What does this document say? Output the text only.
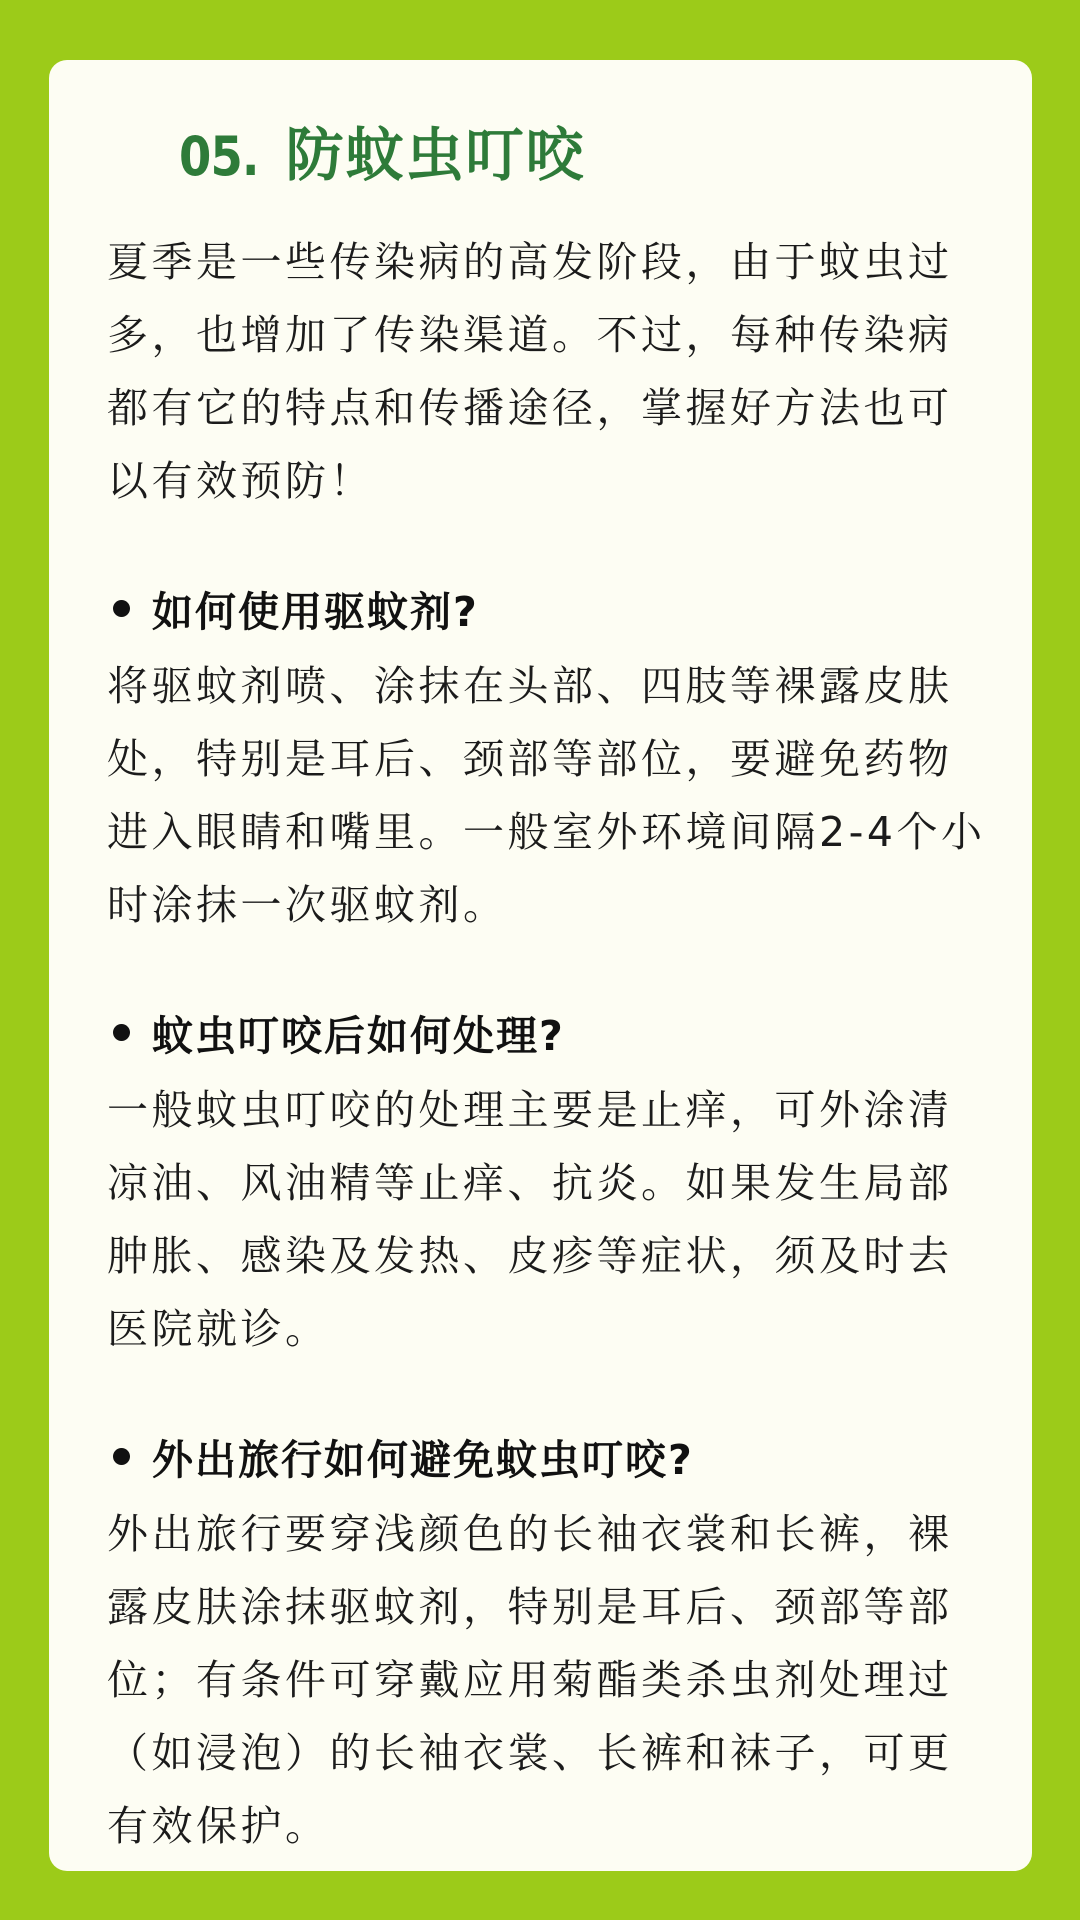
05. 防蚊虫叮咬

夏季是一些传染病的高发阶段，由于蚊虫过多，也增加了传染渠道。不过，每种传染病都有它的特点和传播途径，掌握好方法也可以有效预防！

如何使用驱蚊剂?

将驱蚊剂喷、涂抹在头部、四肢等裸露皮肤处，特别是耳后、颈部等部位，要避免药物进入眼睛和嘴里。一般室外环境间隔2-4个小时涂抹一次驱蚊剂。

蚊虫叮咬后如何处理?

一般蚊虫叮咬的处理主要是止痒，可外涂清凉油、风油精等止痒、抗炎。如果发生局部肿胀、感染及发热、皮疹等症状，须及时去医院就诊。

外出旅行如何避免蚊虫叮咬?

外出旅行要穿浅颜色的长袖衣裳和长裤，裸露皮肤涂抹驱蚊剂，特别是耳后、颈部等部位；有条件可穿戴应用菊酯类杀虫剂处理过（如浸泡）的长袖衣裳、长裤和袜子，可更有效保护。
